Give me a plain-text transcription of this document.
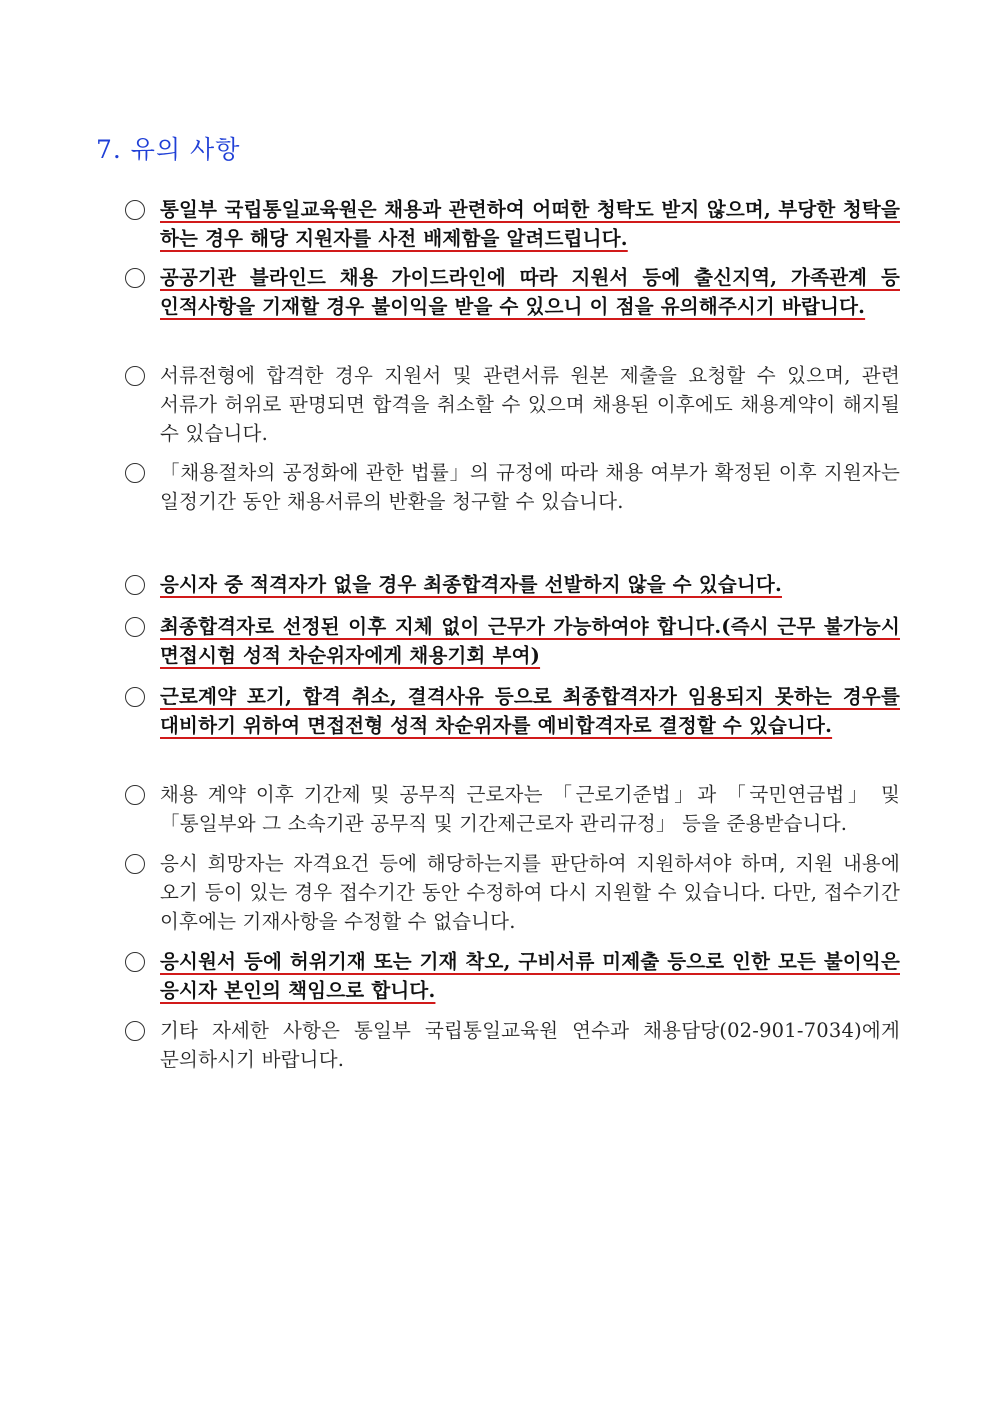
7. 유의 사항
통일부 국립통일교육원은 채용과 관련하여 어떠한 청탁도 받지 않으며, 부당한 청탁을 하는 경우 해당 지원자를 사전 배제함을 알려드립니다.
공공기관 블라인드 채용 가이드라인에 따라 지원서 등에 출신지역, 가족관계 등 인적사항을 기재할 경우 불이익을 받을 수 있으니 이 점을 유의해주시기 바랍니다.
서류전형에 합격한 경우 지원서 및 관련서류 원본 제출을 요청할 수 있으며, 관련 서류가 허위로 판명되면 합격을 취소할 수 있으며 채용된 이후에도 채용계약이 해지될 수 있습니다.
「채용절차의 공정화에 관한 법률」의 규정에 따라 채용 여부가 확정된 이후 지원자는 일정기간 동안 채용서류의 반환을 청구할 수 있습니다.
응시자 중 적격자가 없을 경우 최종합격자를 선발하지 않을 수 있습니다.
최종합격자로 선정된 이후 지체 없이 근무가 가능하여야 합니다.(즉시 근무 불가능시 면접시험 성적 차순위자에게 채용기회 부여)
근로계약 포기, 합격 취소, 결격사유 등으로 최종합격자가 임용되지 못하는 경우를 대비하기 위하여 면접전형 성적 차순위자를 예비합격자로 결정할 수 있습니다.
채용 계약 이후 기간제 및 공무직 근로자는 「근로기준법」과 「국민연금법」 및 「통일부와 그 소속기관 공무직 및 기간제근로자 관리규정」 등을 준용받습니다.
응시 희망자는 자격요건 등에 해당하는지를 판단하여 지원하셔야 하며, 지원 내용에 오기 등이 있는 경우 접수기간 동안 수정하여 다시 지원할 수 있습니다. 다만, 접수기간 이후에는 기재사항을 수정할 수 없습니다.
응시원서 등에 허위기재 또는 기재 착오, 구비서류 미제출 등으로 인한 모든 불이익은 응시자 본인의 책임으로 합니다.
기타 자세한 사항은 통일부 국립통일교육원 연수과 채용담당(02-901-7034)에게 문의하시기 바랍니다.
